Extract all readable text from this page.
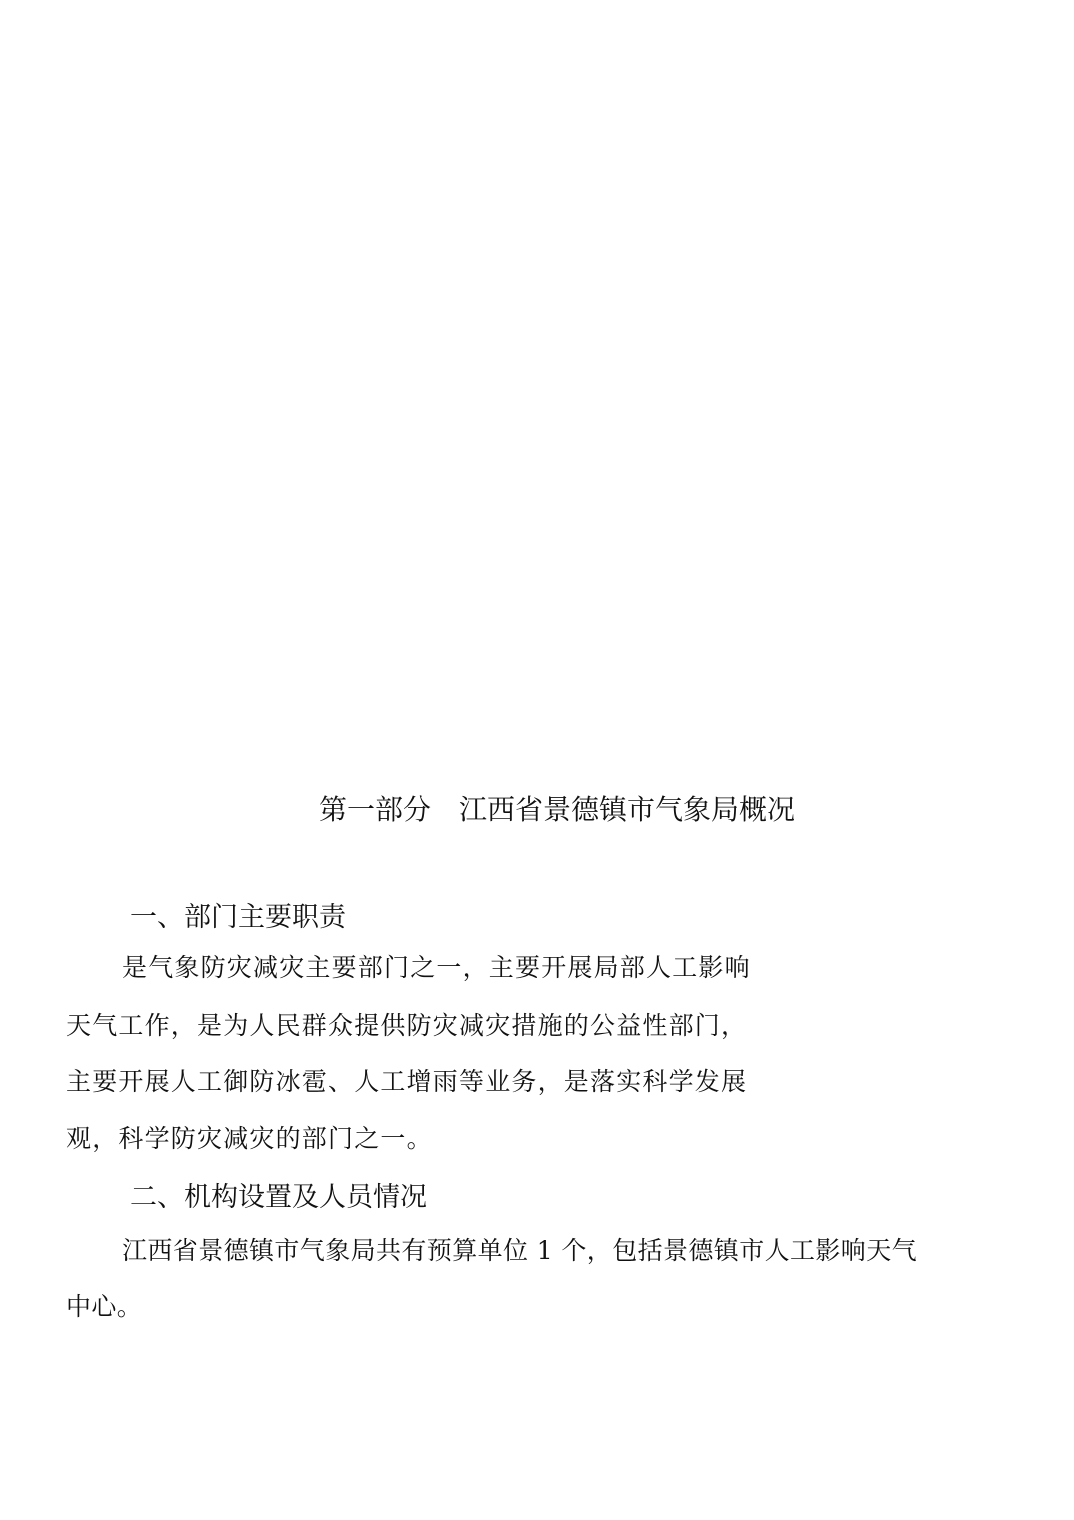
第一部分　江西省景德镇市气象局概况
一、部门主要职责
是气象防灾减灾主要部门之一，主要开展局部人工影响
天气工作，是为人民群众提供防灾减灾措施的公益性部门，
主要开展人工御防冰雹、人工增雨等业务，是落实科学发展
观，科学防灾减灾的部门之一。
二、机构设置及人员情况
江西省景德镇市气象局共有预算单位 1 个，包括景德镇市人工影响天气
中心。
